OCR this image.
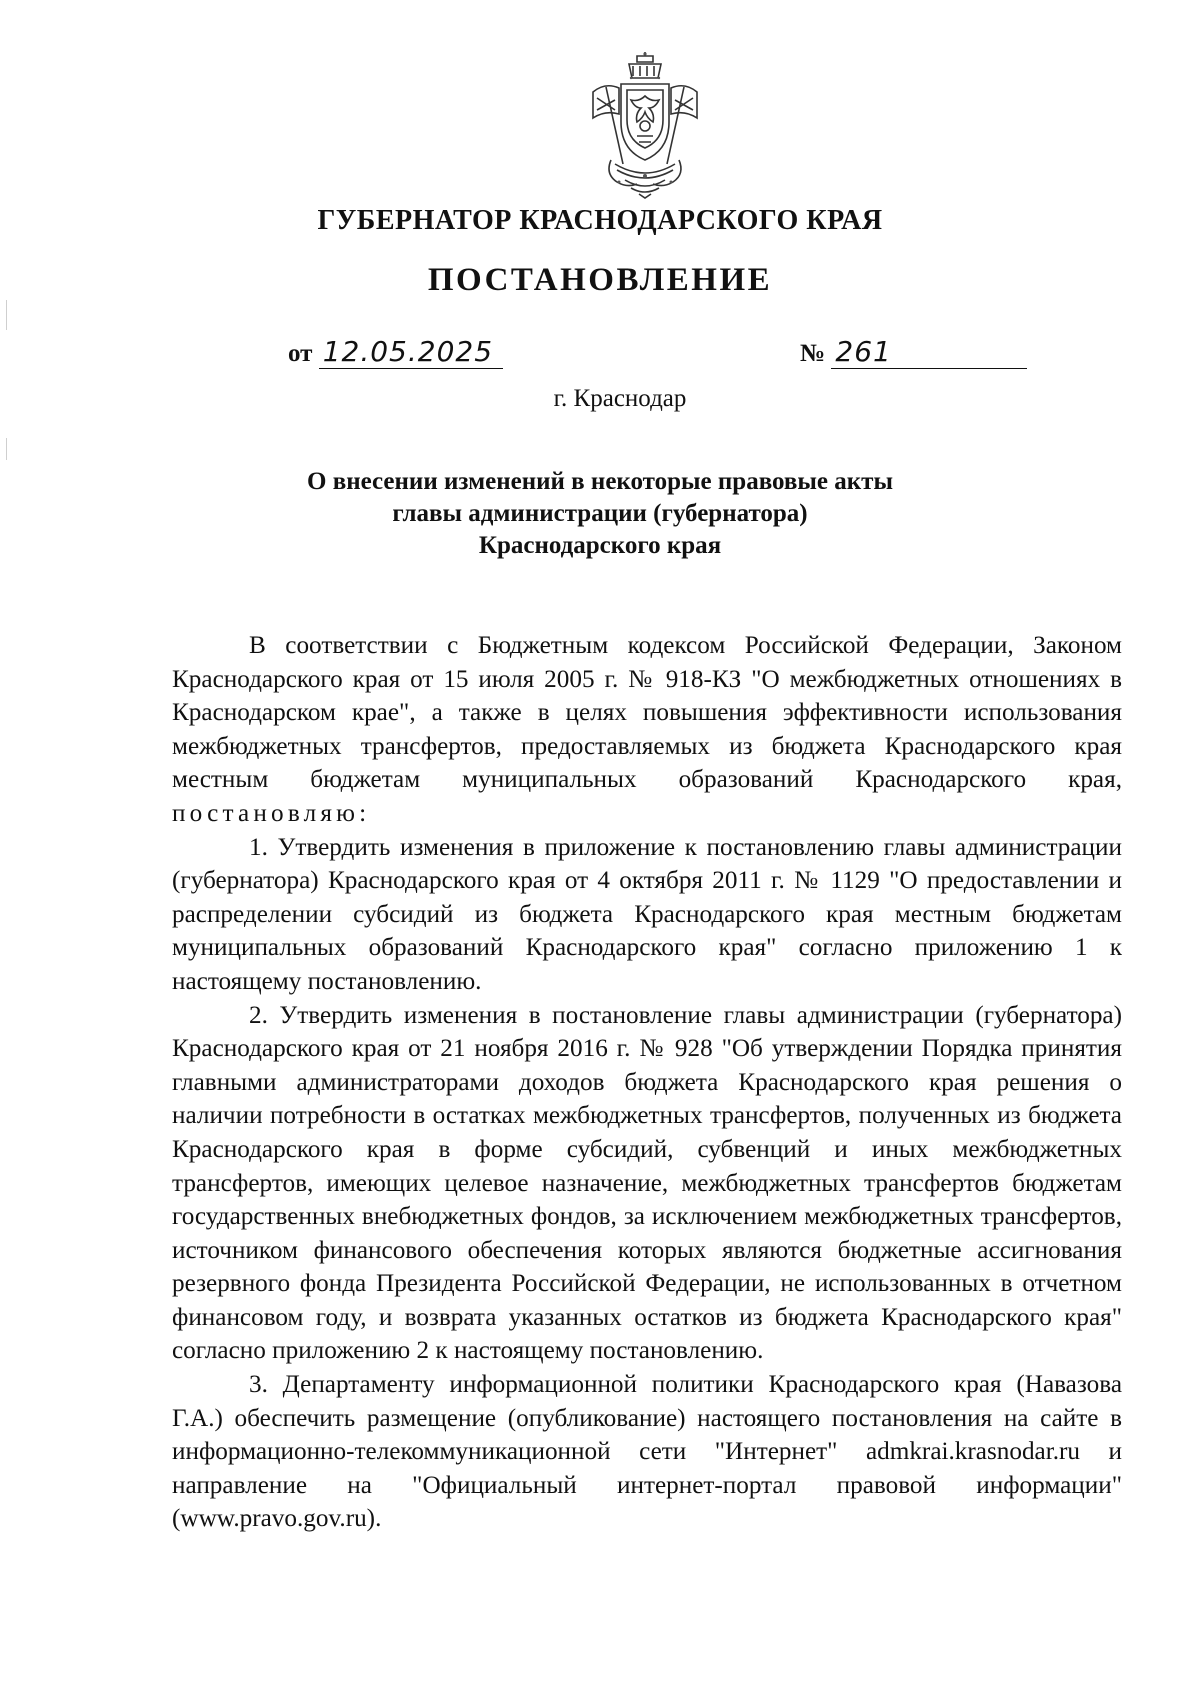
ГУБЕРНАТОР КРАСНОДАРСКОГО КРАЯ
ПОСТАНОВЛЕНИЕ
от 12.05.2025	№ 261
г. Краснодар
О внесении изменений в некоторые правовые акты
главы администрации (губернатора)
Краснодарского края

В соответствии с Бюджетным кодексом Российской Федерации, Законом Краснодарского края от 15 июля 2005 г. № 918-КЗ "О межбюджетных отношениях в Краснодарском крае", а также в целях повышения эффективности использования межбюджетных трансфертов, предоставляемых из бюджета Краснодарского края местным бюджетам муниципальных образований Краснодарского края, постановляю:

1. Утвердить изменения в приложение к постановлению главы администрации (губернатора) Краснодарского края от 4 октября 2011 г. № 1129 "О предоставлении и распределении субсидий из бюджета Краснодарского края местным бюджетам муниципальных образований Краснодарского края" согласно приложению 1 к настоящему постановлению.

2. Утвердить изменения в постановление главы администрации (губернатора) Краснодарского края от 21 ноября 2016 г. № 928 "Об утверждении Порядка принятия главными администраторами доходов бюджета Краснодарского края решения о наличии потребности в остатках межбюджетных трансфертов, полученных из бюджета Краснодарского края в форме субсидий, субвенций и иных межбюджетных трансфертов, имеющих целевое назначение, межбюджетных трансфертов бюджетам государственных внебюджетных фондов, за исключением межбюджетных трансфертов, источником финансового обеспечения которых являются бюджетные ассигнования резервного фонда Президента Российской Федерации, не использованных в отчетном финансовом году, и возврата указанных остатков из бюджета Краснодарского края" согласно приложению 2 к настоящему постановлению.

3. Департаменту информационной политики Краснодарского края (Навазова Г.А.) обеспечить размещение (опубликование) настоящего постановления на сайте в информационно-телекоммуникационной сети "Интернет" admkrai.krasnodar.ru и направление на "Официальный интернет-портал правовой информации" (www.pravo.gov.ru).
